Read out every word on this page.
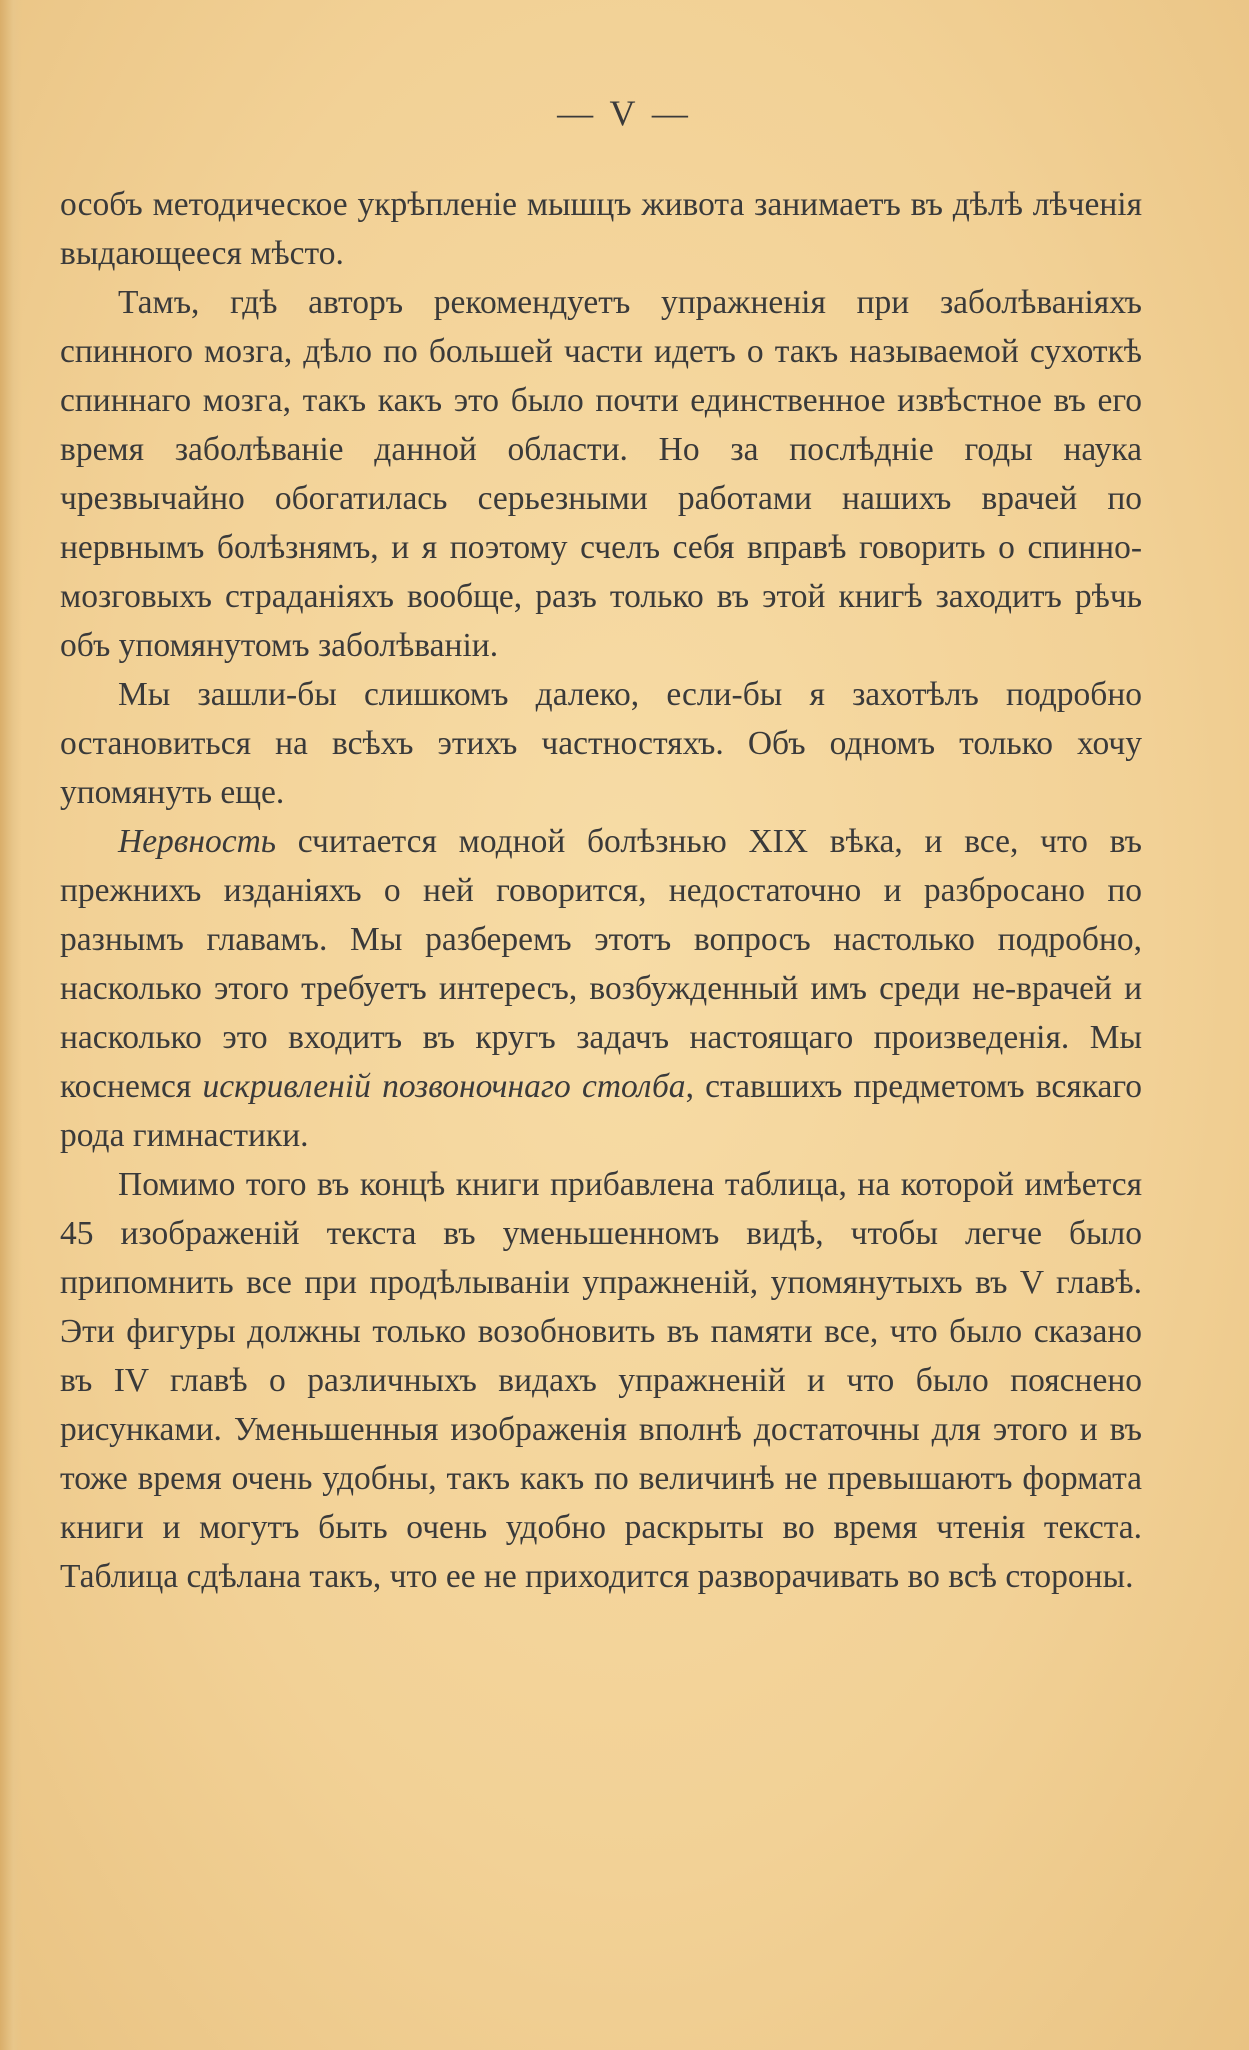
— V —

особъ методическое укрѣпленіе мышцъ живота занимаетъ въ дѣлѣ лѣченія выдающееся мѣсто.

Тамъ, гдѣ авторъ рекомендуетъ упражненія при заболѣваніяхъ спинного мозга, дѣло по большей части идетъ о такъ называемой сухоткѣ спиннаго мозга, такъ какъ это было почти единственное извѣстное въ его время заболѣваніе данной области. Но за послѣдніе годы наука чрезвычайно обогатилась серьезными работами нашихъ врачей по нервнымъ болѣзнямъ, и я поэтому счелъ себя вправѣ говорить о спинно-мозговыхъ страданіяхъ вообще, разъ только въ этой книгѣ заходитъ рѣчь объ упомянутомъ заболѣваніи.

Мы зашли-бы слишкомъ далеко, если-бы я захотѣлъ подробно остановиться на всѣхъ этихъ частностяхъ. Объ одномъ только хочу упомянуть еще.

Нервность считается модной болѣзнью XIX вѣка, и все, что въ прежнихъ изданіяхъ о ней говорится, недостаточно и разбросано по разнымъ главамъ. Мы разберемъ этотъ вопросъ настолько подробно, насколько этого требуетъ интересъ, возбужденный имъ среди не-врачей и насколько это входитъ въ кругъ задачъ настоящаго произведенія. Мы коснемся искривленій позвоночнаго столба, ставшихъ предметомъ всякаго рода гимнастики.

Помимо того въ концѣ книги прибавлена таблица, на которой имѣется 45 изображеній текста въ уменьшенномъ видѣ, чтобы легче было припомнить все при продѣлываніи упражненій, упомянутыхъ въ V главѣ. Эти фигуры должны только возобновить въ памяти все, что было сказано въ IV главѣ о различныхъ видахъ упражненій и что было пояснено рисунками. Уменьшенныя изображенія вполнѣ достаточны для этого и въ тоже время очень удобны, такъ какъ по величинѣ не превышаютъ формата книги и могутъ быть очень удобно раскрыты во время чтенія текста. Таблица сдѣлана такъ, что ее не приходится разворачивать во всѣ стороны.
